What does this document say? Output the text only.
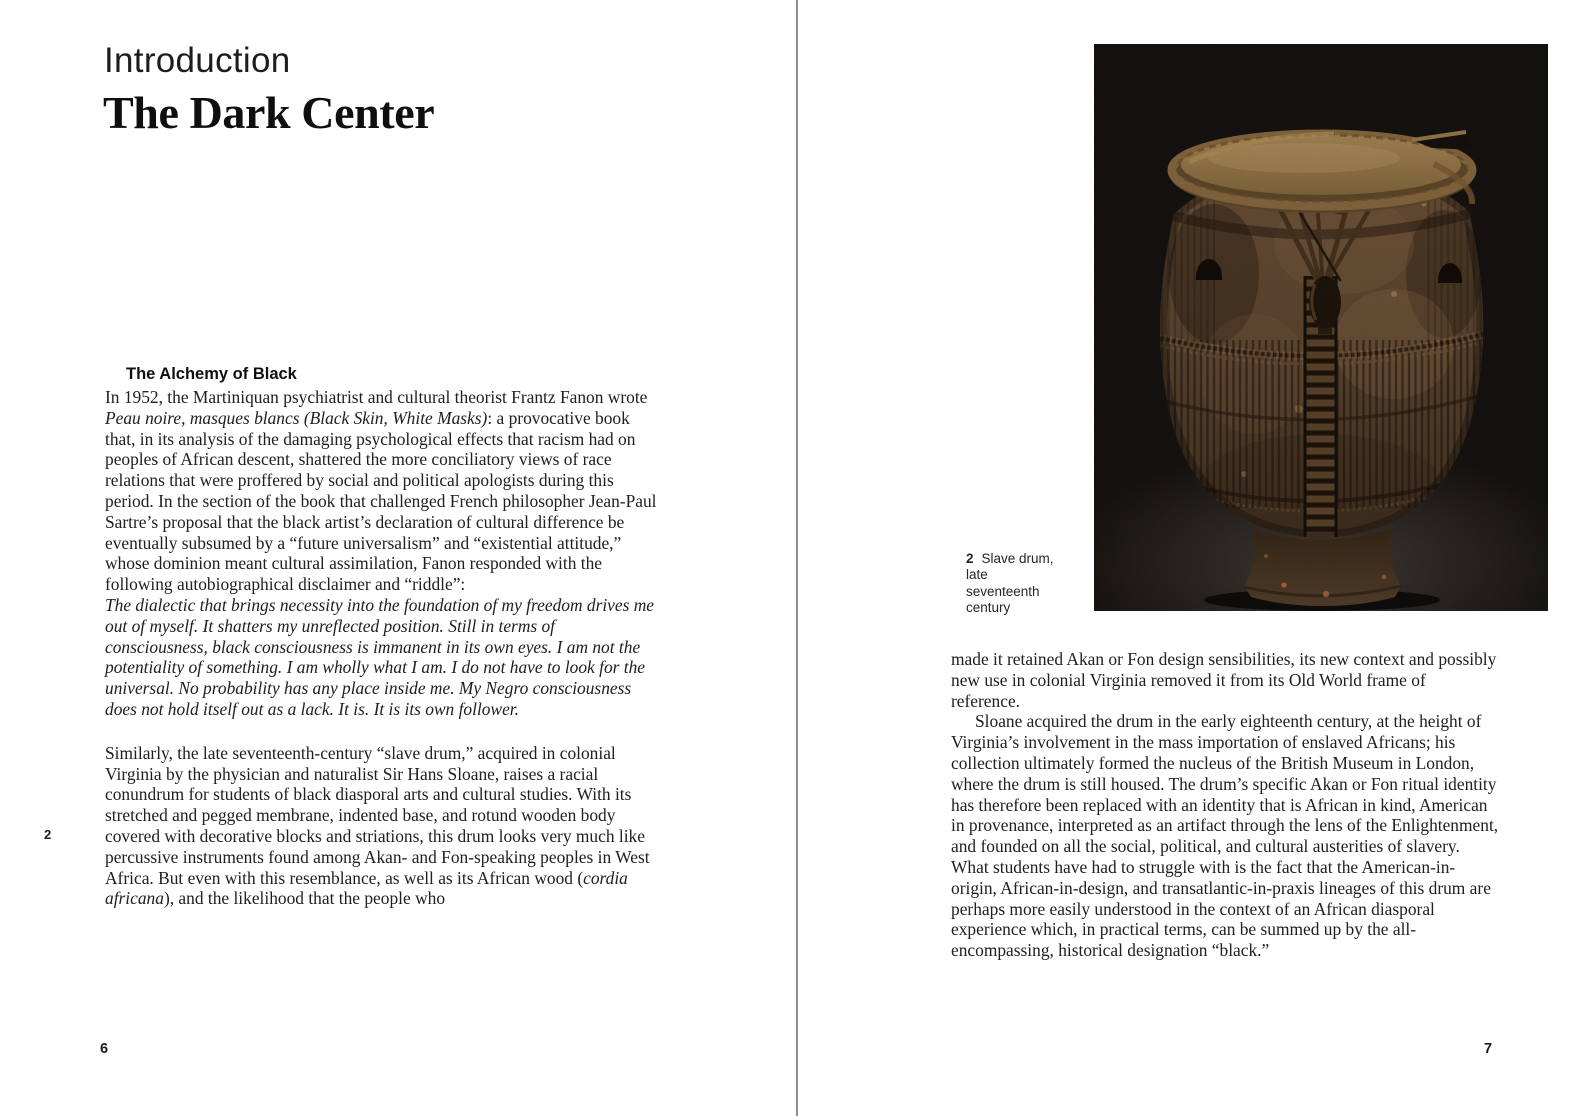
Introduction
The Dark Center
The Alchemy of Black

In 1952, the Martiniquan psychiatrist and cultural theorist Frantz Fanon wrote Peau noire, masques blancs (Black Skin, White Masks): a provocative book that, in its analysis of the damaging psychological effects that racism had on peoples of African descent, shattered the more conciliatory views of race relations that were proffered by social and political apologists during this period. In the section of the book that challenged French philosopher Jean-Paul Sartre’s proposal that the black artist’s declaration of cultural difference be eventually subsumed by a “future universalism” and “existential attitude,” whose dominion meant cultural assimilation, Fanon responded with the following autobiographical disclaimer and “riddle”:

The dialectic that brings necessity into the foundation of my freedom drives me out of myself. It shatters my unreflected position. Still in terms of consciousness, black consciousness is immanent in its own eyes. I am not the potentiality of something. I am wholly what I am. I do not have to look for the universal. No probability has any place inside me. My Negro consciousness does not hold itself out as a lack. It is. It is its own follower.

Similarly, the late seventeenth-century “slave drum,” acquired in colonial Virginia by the physician and naturalist Sir Hans Sloane, raises a racial conundrum for students of black diasporal arts and cultural studies. With its stretched and pegged membrane, indented base, and rotund wooden body covered with decorative blocks and striations, this drum looks very much like percussive instruments found among Akan- and Fon-speaking peoples in West Africa. But even with this resemblance, as well as its African wood (cordia africana), and the likelihood that the people who

2
6
2 Slave drum, late seventeenth century

made it retained Akan or Fon design sensibilities, its new context and possibly new use in colonial Virginia removed it from its Old World frame of reference.

Sloane acquired the drum in the early eighteenth century, at the height of Virginia’s involvement in the mass importation of enslaved Africans; his collection ultimately formed the nucleus of the British Museum in London, where the drum is still housed. The drum’s specific Akan or Fon ritual identity has therefore been replaced with an identity that is African in kind, American in provenance, interpreted as an artifact through the lens of the Enlightenment, and founded on all the social, political, and cultural austerities of slavery. What students have had to struggle with is the fact that the American-in-origin, African-in-design, and transatlantic-in-praxis lineages of this drum are perhaps more easily understood in the context of an African diasporal experience which, in practical terms, can be summed up by the all-encompassing, historical designation “black.”

7
